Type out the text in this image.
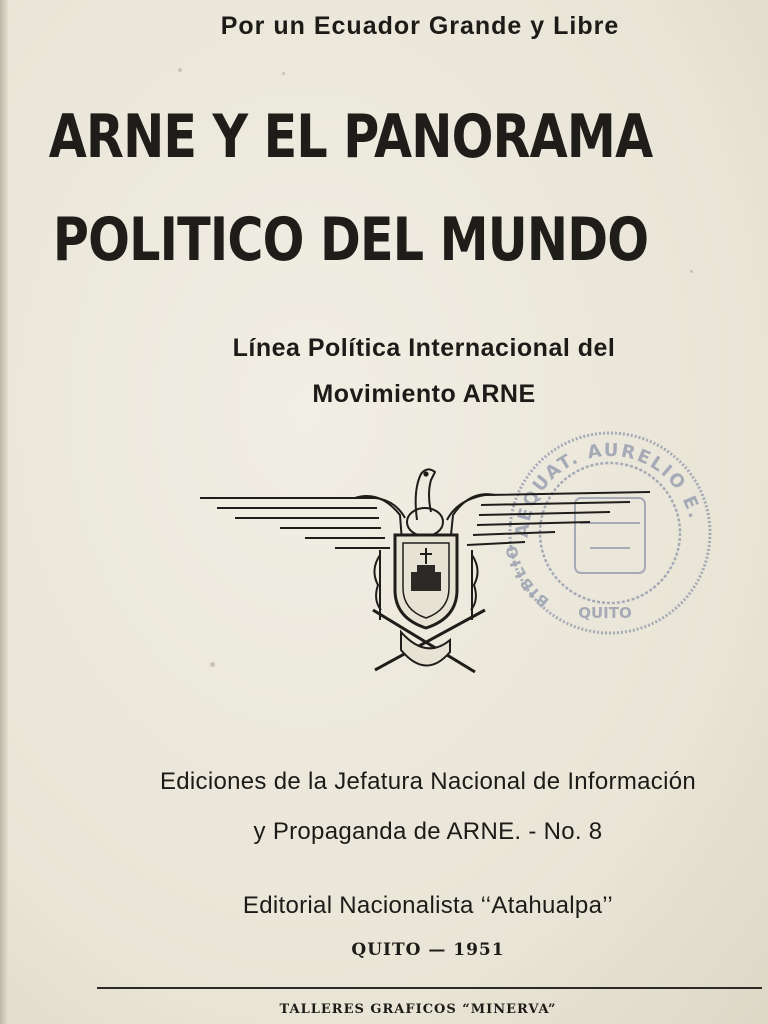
Por un Ecuador Grande y Libre
ARNE Y EL PANORAMA
POLITICO DEL MUNDO
Línea Política Internacional del
Movimiento ARNE
AEQUAT. AURELIO E.
BIBLIO
QUITO
Ediciones de la Jefatura Nacional de Información
y Propaganda de ARNE. - No. 8
Editorial Nacionalista ‘‘Atahualpa’’
QUITO — 1951
TALLERES GRAFICOS “MINERVA”
